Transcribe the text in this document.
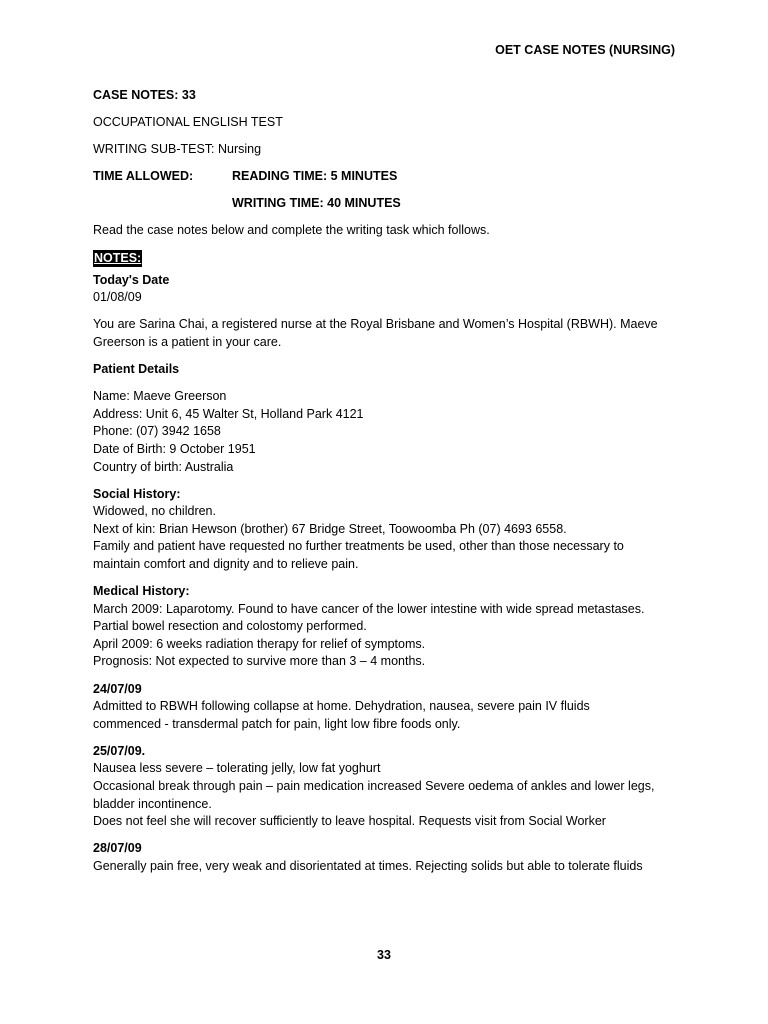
OET CASE NOTES (NURSING)
CASE NOTES: 33
OCCUPATIONAL ENGLISH TEST
WRITING SUB-TEST: Nursing
TIME ALLOWED:	READING TIME: 5 MINUTES
WRITING TIME: 40 MINUTES
Read the case notes below and complete the writing task which follows.
NOTES:
Today's Date
01/08/09
You are Sarina Chai, a registered nurse at the Royal Brisbane and Women’s Hospital (RBWH). Maeve
Greerson is a patient in your care.
Patient Details
Name: Maeve Greerson
Address: Unit 6, 45 Walter St, Holland Park 4121
Phone: (07) 3942 1658
Date of Birth: 9 October 1951
Country of birth: Australia
Social History:
Widowed, no children.
Next of kin: Brian Hewson (brother) 67 Bridge Street, Toowoomba Ph (07) 4693 6558.
Family and patient have requested no further treatments be used, other than those necessary to
maintain comfort and dignity and to relieve pain.
Medical History:
March 2009: Laparotomy. Found to have cancer of the lower intestine with wide spread metastases.
Partial bowel resection and colostomy performed.
April 2009: 6 weeks radiation therapy for relief of symptoms.
Prognosis: Not expected to survive more than 3 – 4 months.
24/07/09
Admitted to RBWH following collapse at home. Dehydration, nausea, severe pain IV fluids
commenced - transdermal patch for pain, light low fibre foods only.
25/07/09.
Nausea less severe – tolerating jelly, low fat yoghurt
Occasional break through pain – pain medication increased Severe oedema of ankles and lower legs,
bladder incontinence.
Does not feel she will recover sufficiently to leave hospital. Requests visit from Social Worker
28/07/09
Generally pain free, very weak and disorientated at times. Rejecting solids but able to tolerate fluids
33
